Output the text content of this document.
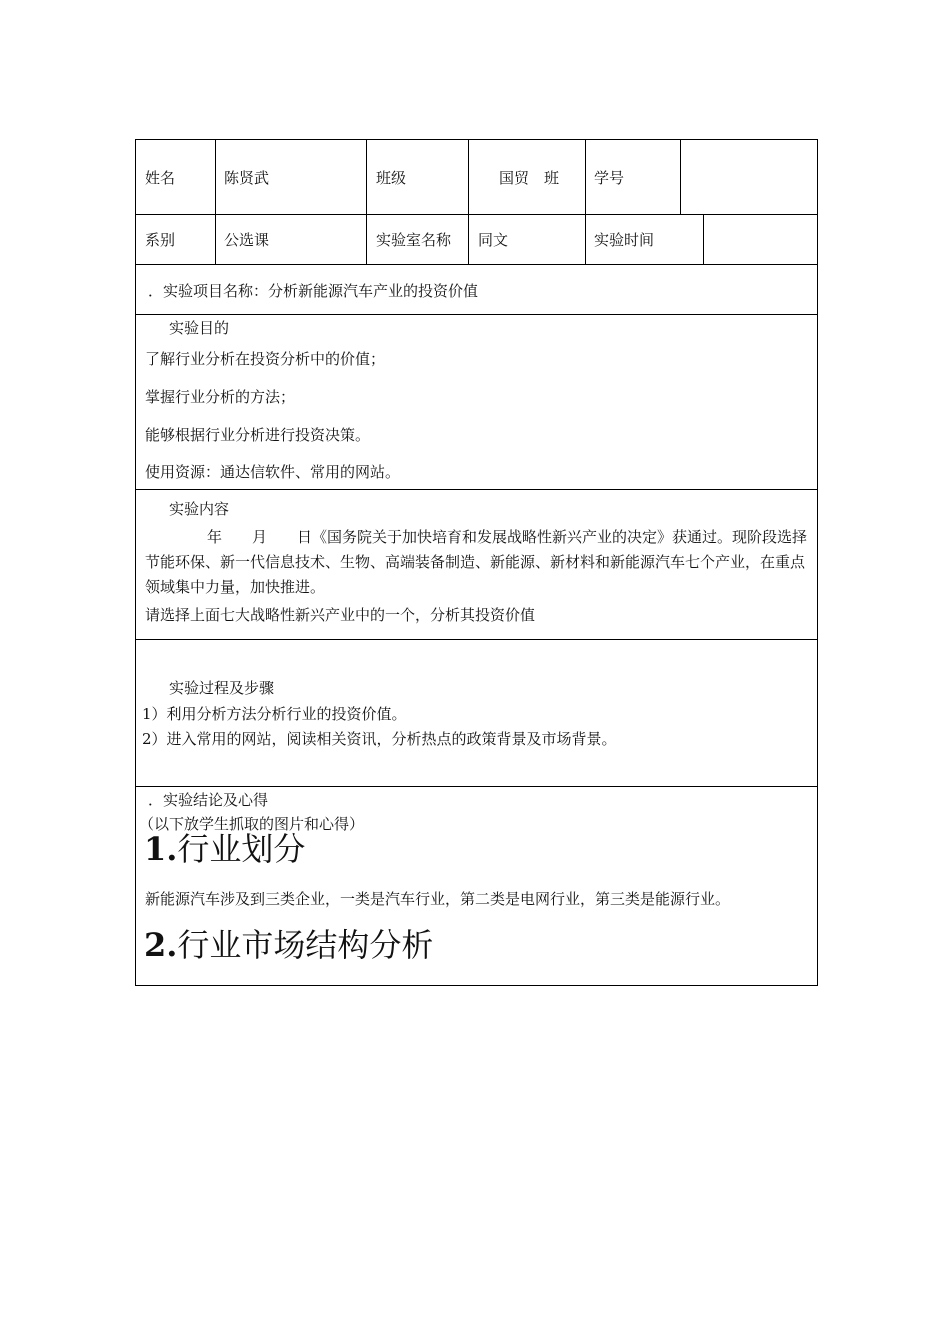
姓名	陈贤武	班级	国贸　班 学号
系别	公选课	实验室名称 同文	实验时间
．实验项目名称：分析新能源汽车产业的投资价值
实验目的
了解行业分析在投资分析中的价值；
掌握行业分析的方法；
能够根据行业分析进行投资决策。
使用资源：通达信软件、常用的网站。
实验内容
年　　月　　日《国务院关于加快培育和发展战略性新兴产业的决定》获通过。现阶段选择节能环保、新一代信息技术、生物、高端装备制造、新能源、新材料和新能源汽车七个产业，在重点领域集中力量，加快推进。
请选择上面七大战略性新兴产业中的一个，分析其投资价值
实验过程及步骤
1）利用分析方法分析行业的投资价值。
2）进入常用的网站，阅读相关资讯，分析热点的政策背景及市场背景。
．实验结论及心得
（以下放学生抓取的图片和心得）
1.行业划分
新能源汽车涉及到三类企业，一类是汽车行业，第二类是电网行业，第三类是能源行业。
2.行业市场结构分析
